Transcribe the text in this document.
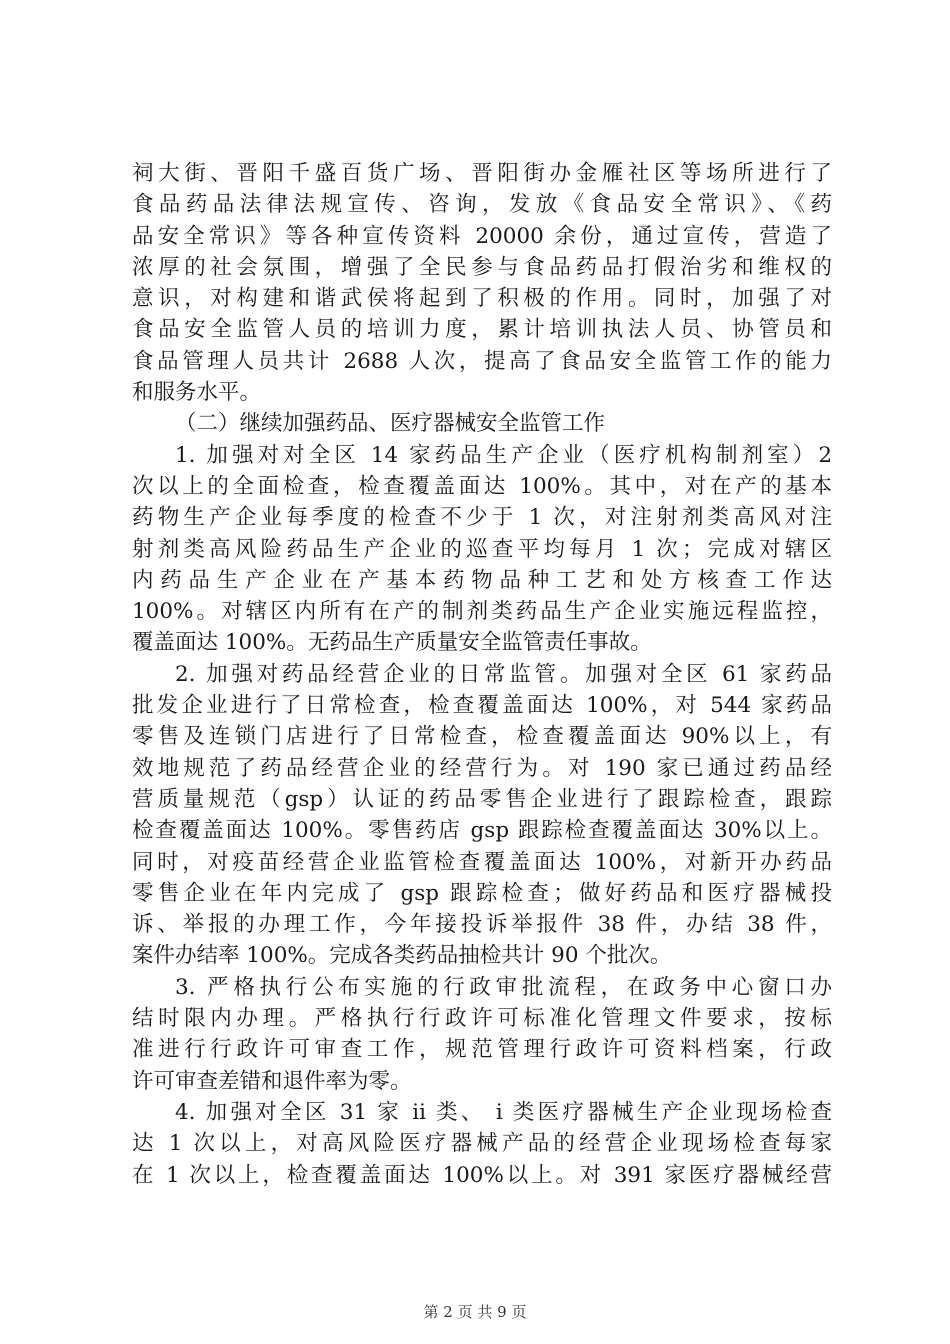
祠大街、晋阳千盛百货广场、晋阳街办金雁社区等场所进行了
食品药品法律法规宣传、咨询，发放《食品安全常识》、《药
品安全常识》等各种宣传资料 20000 余份，通过宣传，营造了
浓厚的社会氛围，增强了全民参与食品药品打假治劣和维权的
意识，对构建和谐武侯将起到了积极的作用。同时，加强了对
食品安全监管人员的培训力度，累计培训执法人员、协管员和
食品管理人员共计 2688 人次，提高了食品安全监管工作的能力
和服务水平。
（二）继续加强药品、医疗器械安全监管工作
1. 加强对对全区 14 家药品生产企业（医疗机构制剂室）2
次以上的全面检查，检查覆盖面达 100%。其中，对在产的基本
药物生产企业每季度的检查不少于 1 次，对注射剂类高风对注
射剂类高风险药品生产企业的巡查平均每月 1 次；完成对辖区
内药品生产企业在产基本药物品种工艺和处方核查工作达
100%。对辖区内所有在产的制剂类药品生产企业实施远程监控，
覆盖面达 100%。无药品生产质量安全监管责任事故。
2. 加强对药品经营企业的日常监管。加强对全区 61 家药品
批发企业进行了日常检查，检查覆盖面达 100%，对 544 家药品
零售及连锁门店进行了日常检查，检查覆盖面达 90%以上，有
效地规范了药品经营企业的经营行为。对 190 家已通过药品经
营质量规范（gsp）认证的药品零售企业进行了跟踪检查，跟踪
检查覆盖面达 100%。零售药店 gsp 跟踪检查覆盖面达 30%以上。
同时，对疫苗经营企业监管检查覆盖面达 100%，对新开办药品
零售企业在年内完成了 gsp 跟踪检查；做好药品和医疗器械投
诉、举报的办理工作，今年接投诉举报件 38 件，办结 38 件，
案件办结率 100%。完成各类药品抽检共计 90 个批次。
3. 严格执行公布实施的行政审批流程，在政务中心窗口办
结时限内办理。严格执行行政许可标准化管理文件要求，按标
准进行行政许可审查工作，规范管理行政许可资料档案，行政
许可审查差错和退件率为零。
4. 加强对全区 31 家 ii 类、 i 类医疗器械生产企业现场检查
达 1 次以上，对高风险医疗器械产品的经营企业现场检查每家
在 1 次以上，检查覆盖面达 100%以上。对 391 家医疗器械经营
第 2 页 共 9 页
